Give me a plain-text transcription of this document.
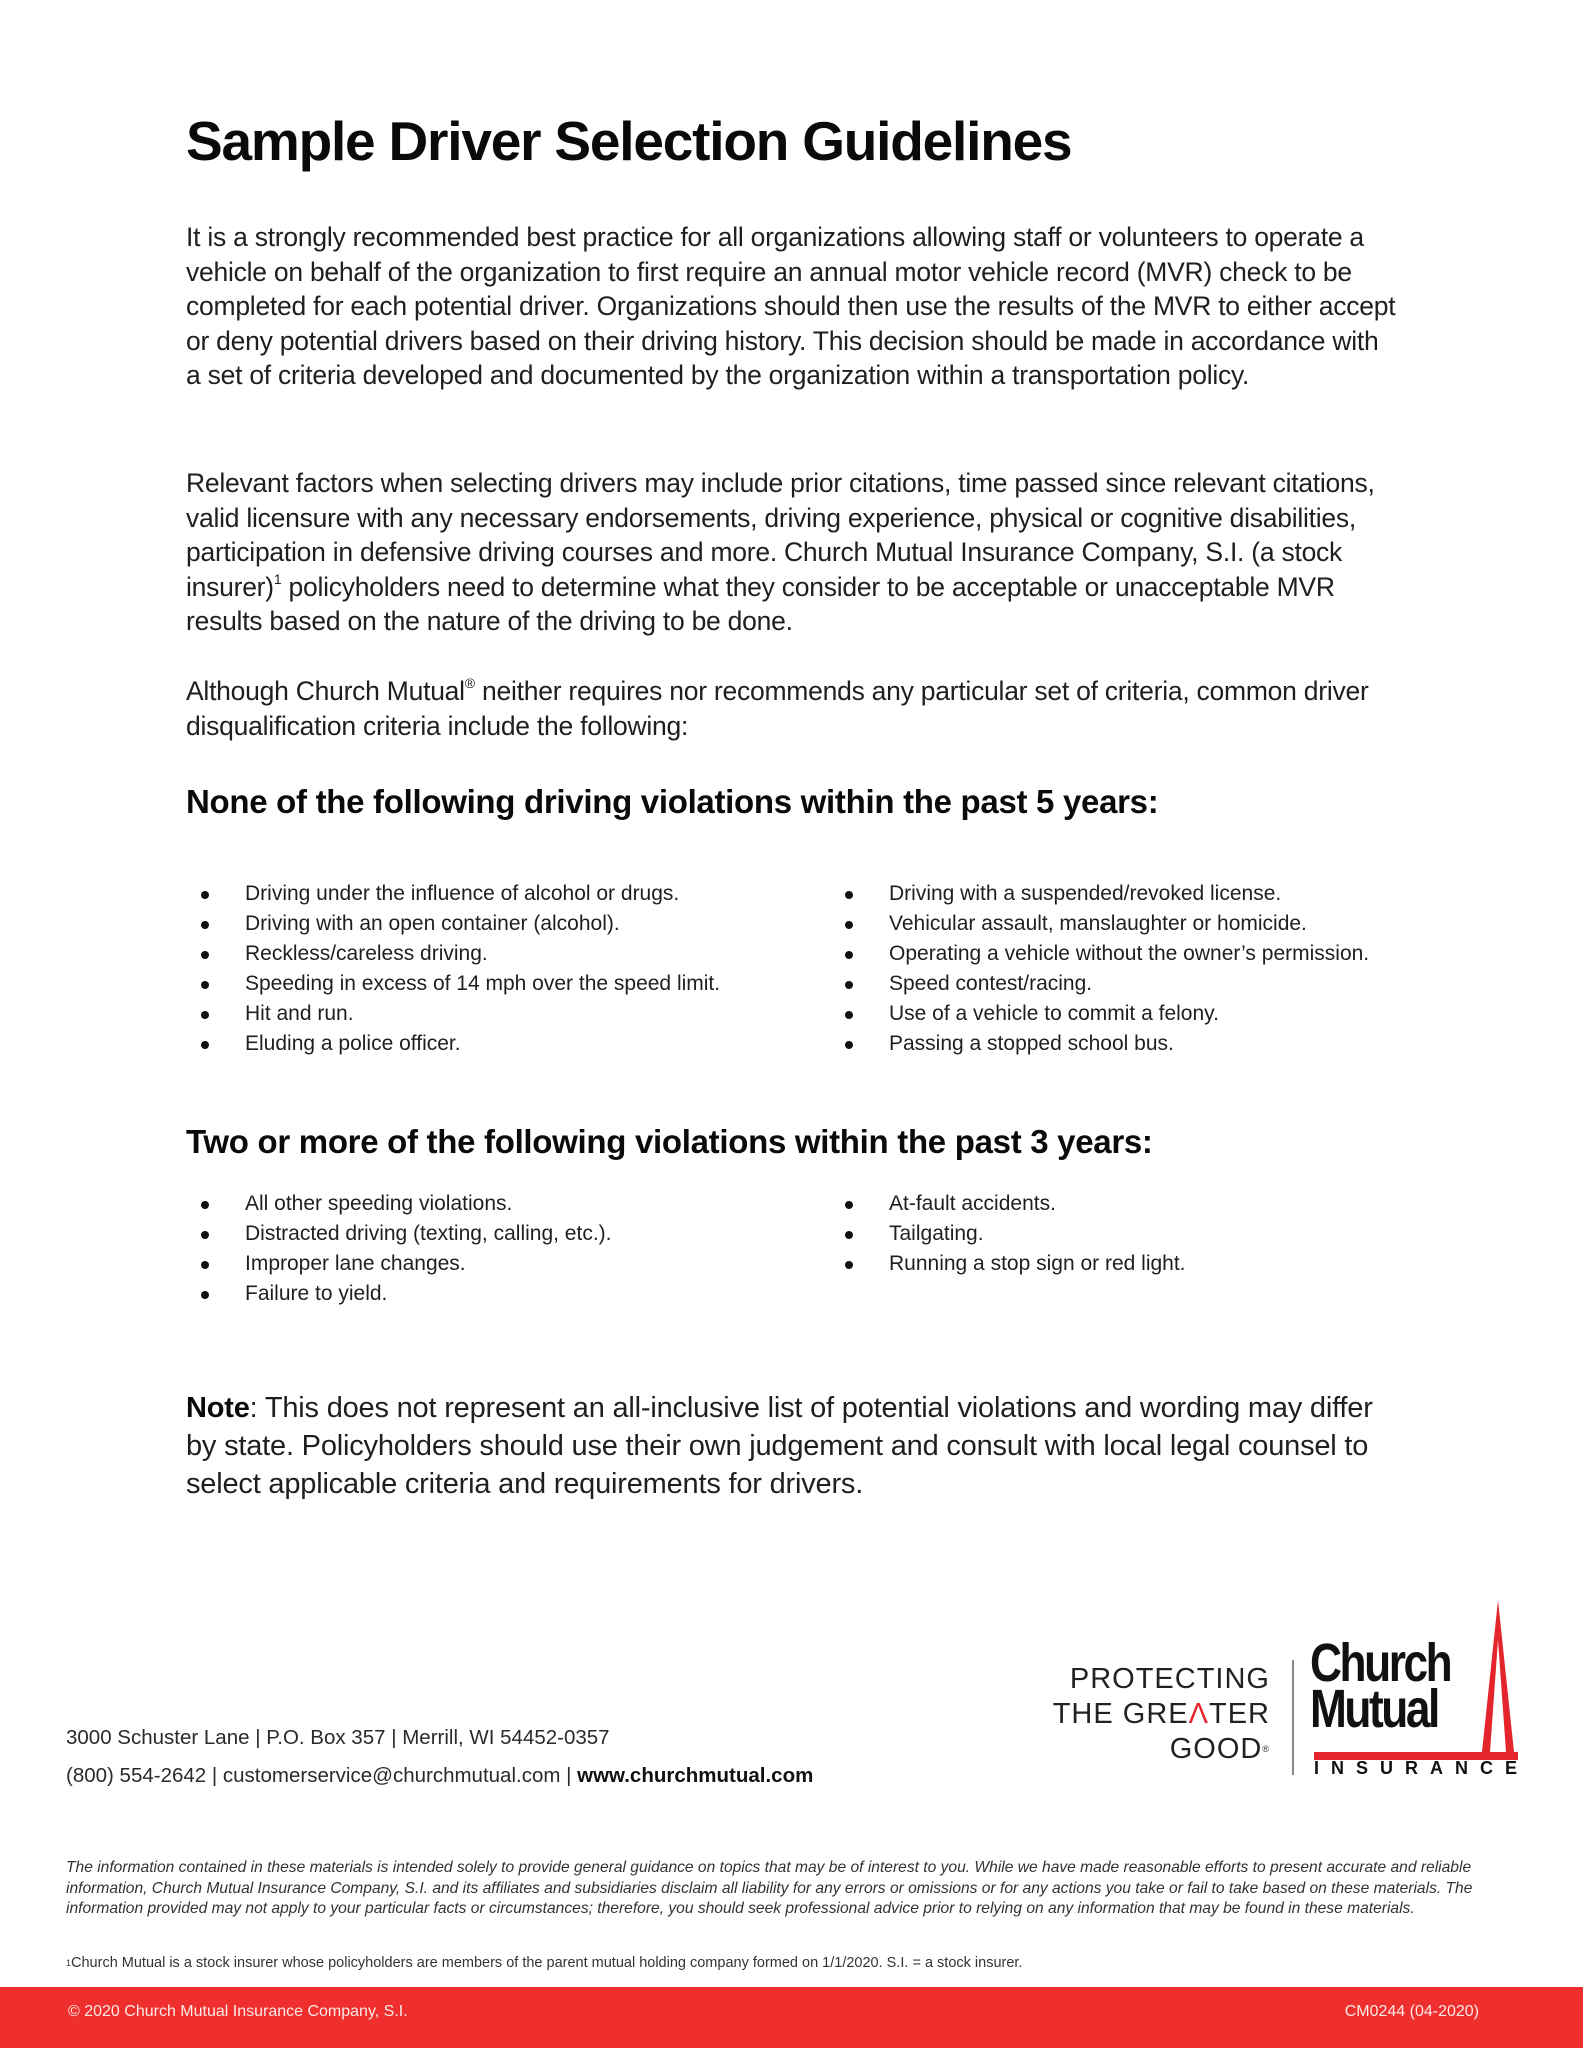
Sample Driver Selection Guidelines

It is a strongly recommended best practice for all organizations allowing staff or volunteers to operate a vehicle on behalf of the organization to first require an annual motor vehicle record (MVR) check to be completed for each potential driver. Organizations should then use the results of the MVR to either accept or deny potential drivers based on their driving history. This decision should be made in accordance with a set of criteria developed and documented by the organization within a transportation policy.

Relevant factors when selecting drivers may include prior citations, time passed since relevant citations, valid licensure with any necessary endorsements, driving experience, physical or cognitive disabilities, participation in defensive driving courses and more. Church Mutual Insurance Company, S.I. (a stock insurer)$^1$ policyholders need to determine what they consider to be acceptable or unacceptable MVR results based on the nature of the driving to be done.

Although Church Mutual® neither requires nor recommends any particular set of criteria, common driver disqualification criteria include the following:

None of the following driving violations within the past 5 years:
Driving under the influence of alcohol or drugs.
Driving with an open container (alcohol).
Reckless/careless driving.
Speeding in excess of 14 mph over the speed limit.
Hit and run.
Eluding a police officer.
Driving with a suspended/revoked license.
Vehicular assault, manslaughter or homicide.
Operating a vehicle without the owner’s permission.
Speed contest/racing.
Use of a vehicle to commit a felony.
Passing a stopped school bus.
Two or more of the following violations within the past 3 years:
All other speeding violations.
Distracted driving (texting, calling, etc.).
Improper lane changes.
Failure to yield.
At-fault accidents.
Tailgating.
Running a stop sign or red light.

Note: This does not represent an all-inclusive list of potential violations and wording may differ by state. Policyholders should use their own judgement and consult with local legal counsel to select applicable criteria and requirements for drivers.

3000 Schuster Lane | P.O. Box 357 | Merrill, WI 54452-0357
(800) 554-2642 | customerservice@churchmutual.com | www.churchmutual.com
PROTECTING
THE GREΛTER
GOOD®
Church
Mutual
INSURANCE

The information contained in these materials is intended solely to provide general guidance on topics that may be of interest to you. While we have made reasonable efforts to present accurate and reliable information, Church Mutual Insurance Company, S.I. and its affiliates and subsidiaries disclaim all liability for any errors or omissions or for any actions you take or fail to take based on these materials. The information provided may not apply to your particular facts or circumstances; therefore, you should seek professional advice prior to relying on any information that may be found in these materials.

$^1$Church Mutual is a stock insurer whose policyholders are members of the parent mutual holding company formed on 1/1/2020. S.I. = a stock insurer.

© 2020 Church Mutual Insurance Company, S.I.	CM0244 (04-2020)
